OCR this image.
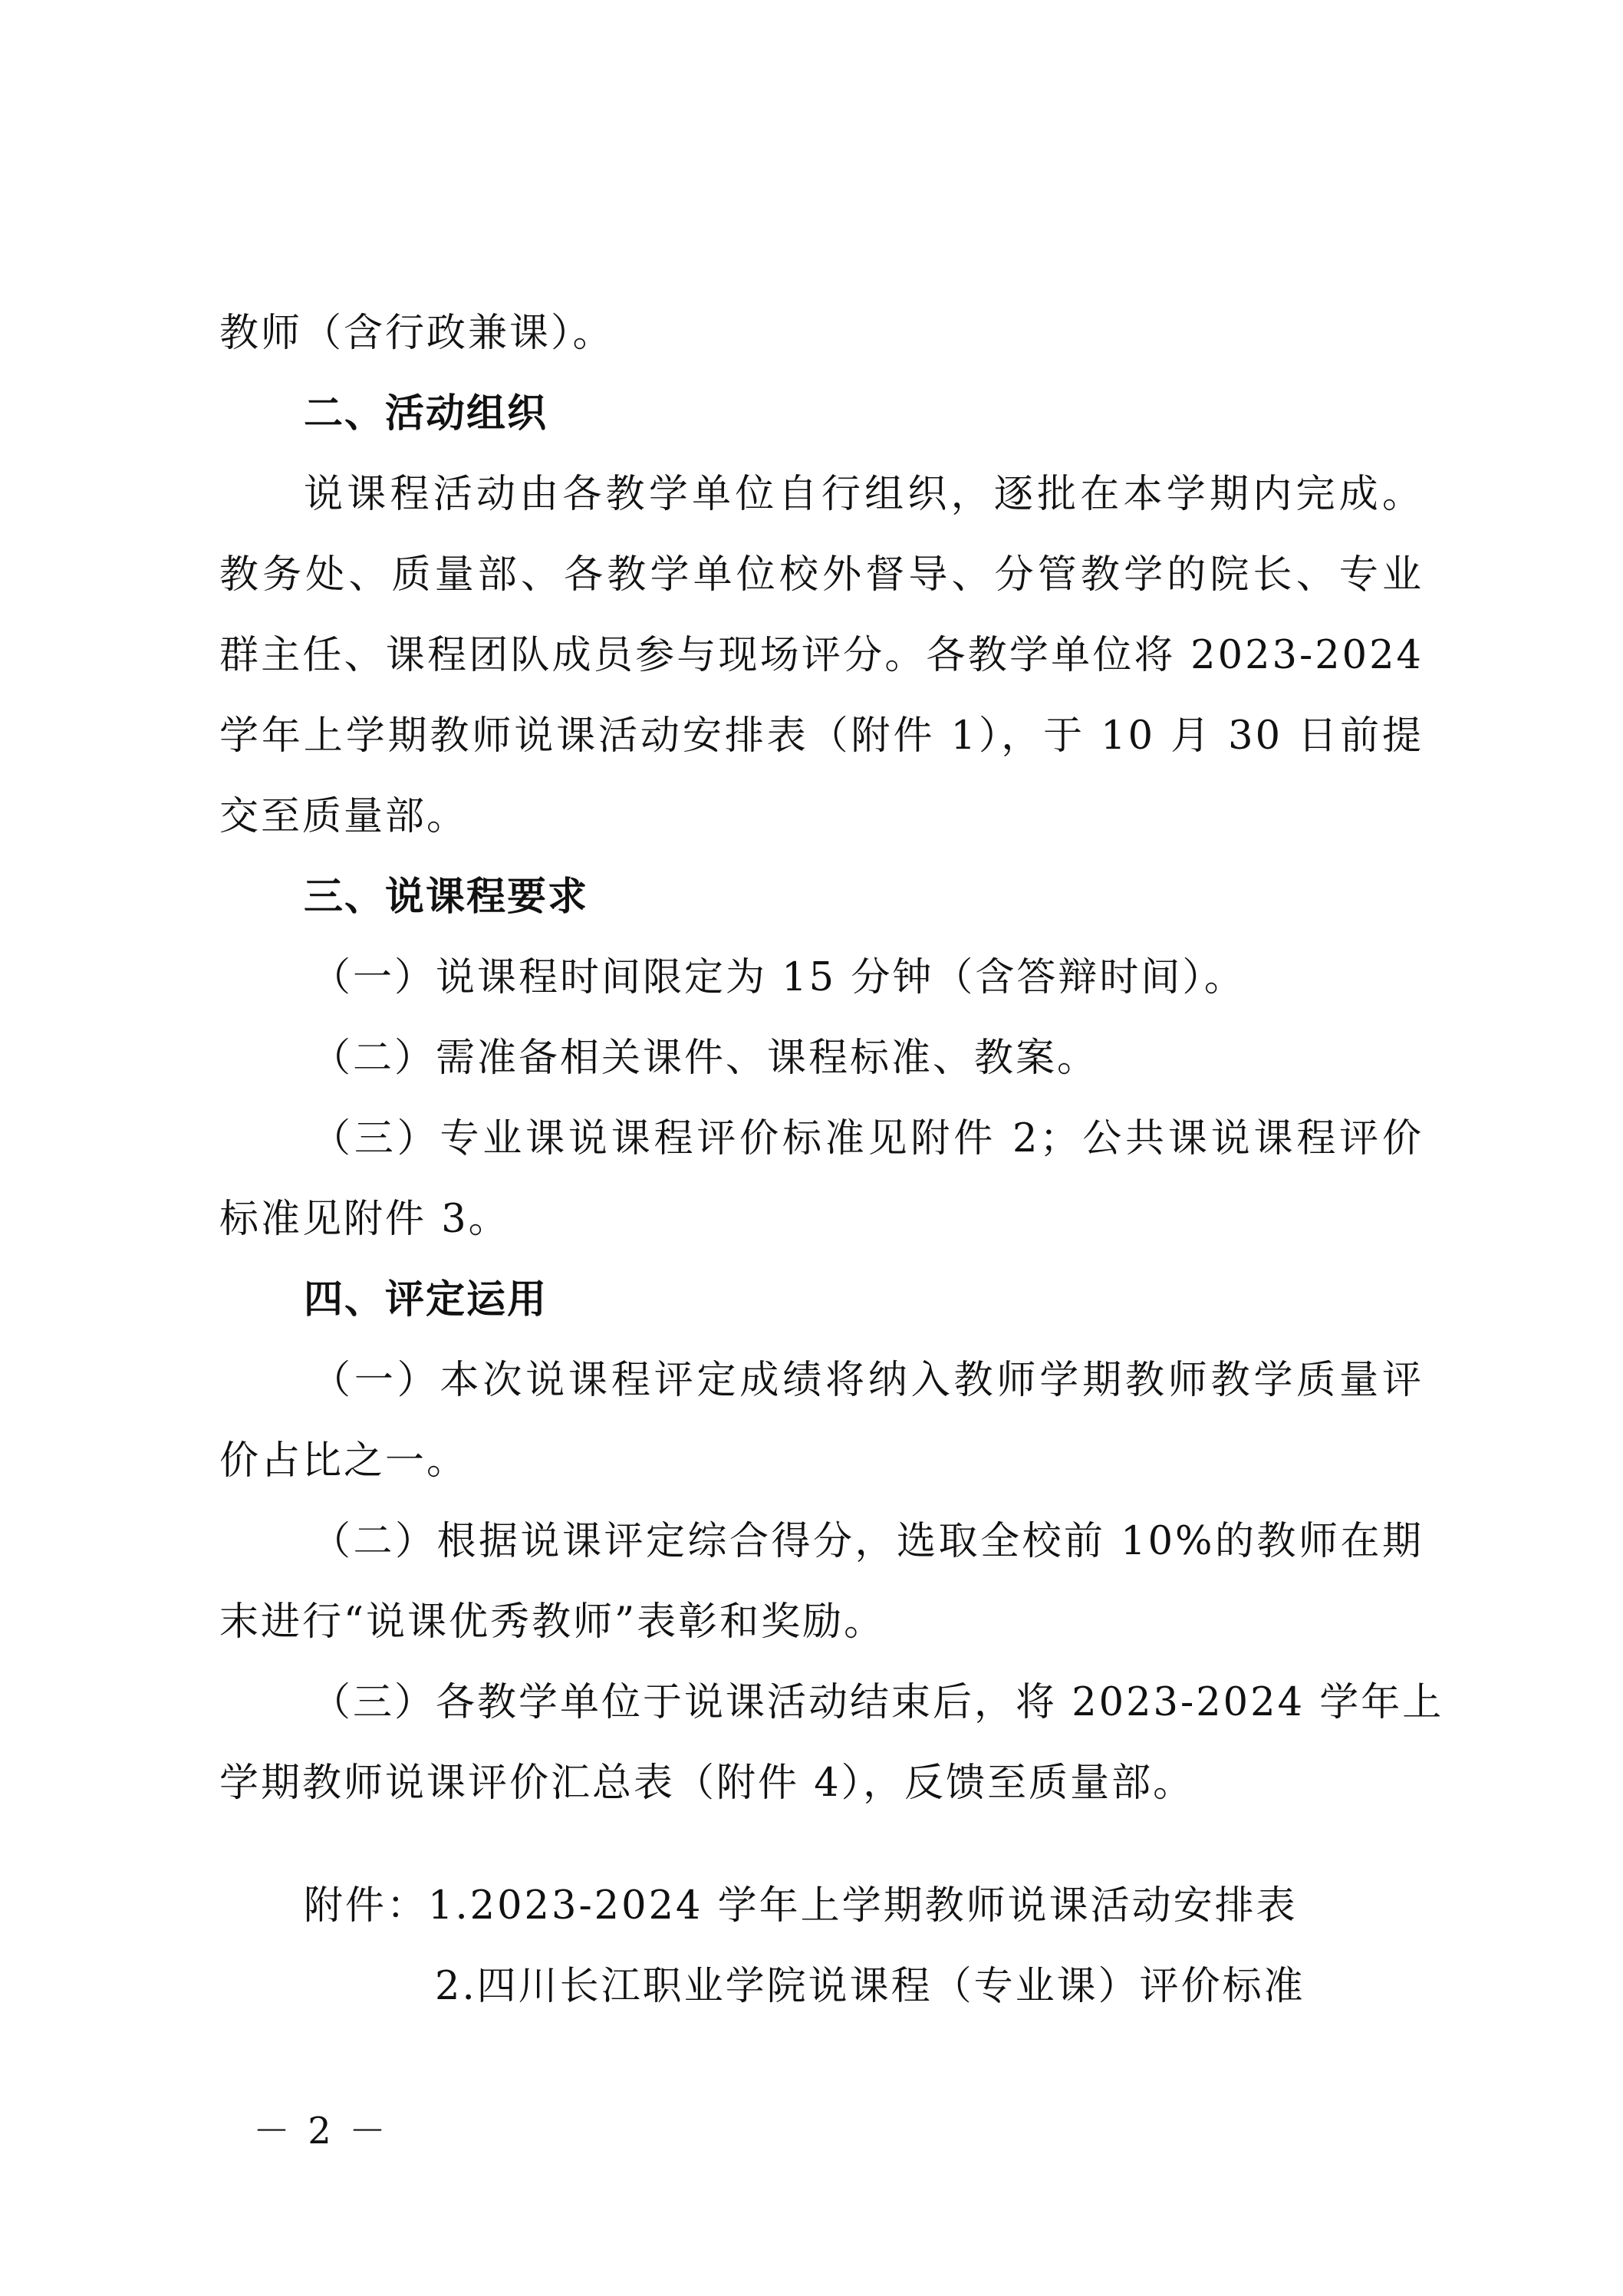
教师（含行政兼课）。
二、活动组织
说课程活动由各教学单位自行组织，逐批在本学期内完成。
教务处、质量部、各教学单位校外督导、分管教学的院长、专业
群主任、课程团队成员参与现场评分。各教学单位将 2023-2024
学年上学期教师说课活动安排表（附件 1），于 10 月 30 日前提
交至质量部。
三、说课程要求
（一）说课程时间限定为 15 分钟（含答辩时间）。
（二）需准备相关课件、课程标准、教案。
（三）专业课说课程评价标准见附件 2；公共课说课程评价
标准见附件 3。
四、评定运用
（一）本次说课程评定成绩将纳入教师学期教师教学质量评
价占比之一。
（二）根据说课评定综合得分，选取全校前 10%的教师在期
末进行“说课优秀教师”表彰和奖励。
（三）各教学单位于说课活动结束后，将 2023-2024 学年上
学期教师说课评价汇总表（附件 4），反馈至质量部。
附件：1.2023-2024 学年上学期教师说课活动安排表
2.四川长江职业学院说课程（专业课）评价标准
－ 2 －
